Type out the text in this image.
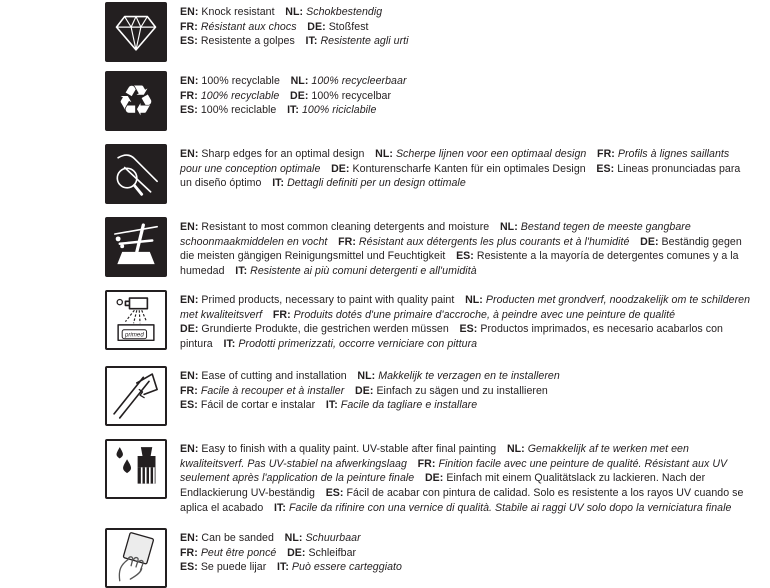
EN: Knock resistant   NL: Schokbestendig
FR: Résistant aux chocs   DE: Stoßfest
ES: Resistente a golpes   IT: Resistente agli urti

♻ EN: 100% recyclable   NL: 100% recycleerbaar
FR: 100% recyclable   DE: 100% recycelbar
ES: 100% reciclable   IT: 100% riciclabile

EN: Sharp edges for an optimal design   NL: Scherpe lijnen voor een optimaal design   FR: Profils à lignes saillants pour une conception optimale   DE: Konturenscharfe Kanten für ein optimales Design   ES: Lineas pronunciadas para un diseño óptimo   IT: Dettagli definiti per un design ottimale

EN: Resistant to most common cleaning detergents and moisture   NL: Bestand tegen de meeste gangbare schoonmaakmiddelen en vocht   FR: Résistant aux détergents les plus courants et à l'humidité   DE: Beständig gegen die meisten gängigen Reinigungsmittel und Feuchtigkeit   ES: Resistente a la mayoría de detergentes comunes y a la humedad   IT: Resistente ai più comuni detergenti e all'umidità

primed

EN: Primed products, necessary to paint with quality paint   NL: Producten met grondverf, noodzakelijk om te schilderen met kwaliteitsverf   FR: Produits dotés d'une primaire d'accroche, à peindre avec une peinture de qualité  DE: Grundierte Produkte, die gestrichen werden müssen   ES: Productos imprimados, es necesario acabarlos con pintura   IT: Prodotti primerizzati, occorre verniciare con pittura

EN: Ease of cutting and installation   NL: Makkelijk te verzagen en te installeren
FR: Facile à recouper et à installer   DE: Einfach zu sägen und zu installieren
ES: Fácil de cortar e instalar   IT: Facile da tagliare e installare

EN: Easy to finish with a quality paint. UV-stable after final painting   NL: Gemakkelijk af te werken met een kwaliteitsverf. Pas UV-stabiel na afwerkingslaag   FR: Finition facile avec une peinture de qualité. Résistant aux UV seulement après l'application de la peinture finale   DE: Einfach mit einem Qualitätslack zu lackieren. Nach der Endlackierung UV-beständig   ES: Fácil de acabar con pintura de calidad. Solo es resistente a los rayos UV cuando se aplica el acabado   IT: Facile da rifinire con una vernice di qualità. Stabile ai raggi UV solo dopo la verniciatura finale

EN: Can be sanded   NL: Schuurbaar
FR: Peut être poncé   DE: Schleifbar
ES: Se puede lijar   IT: Può essere carteggiato
